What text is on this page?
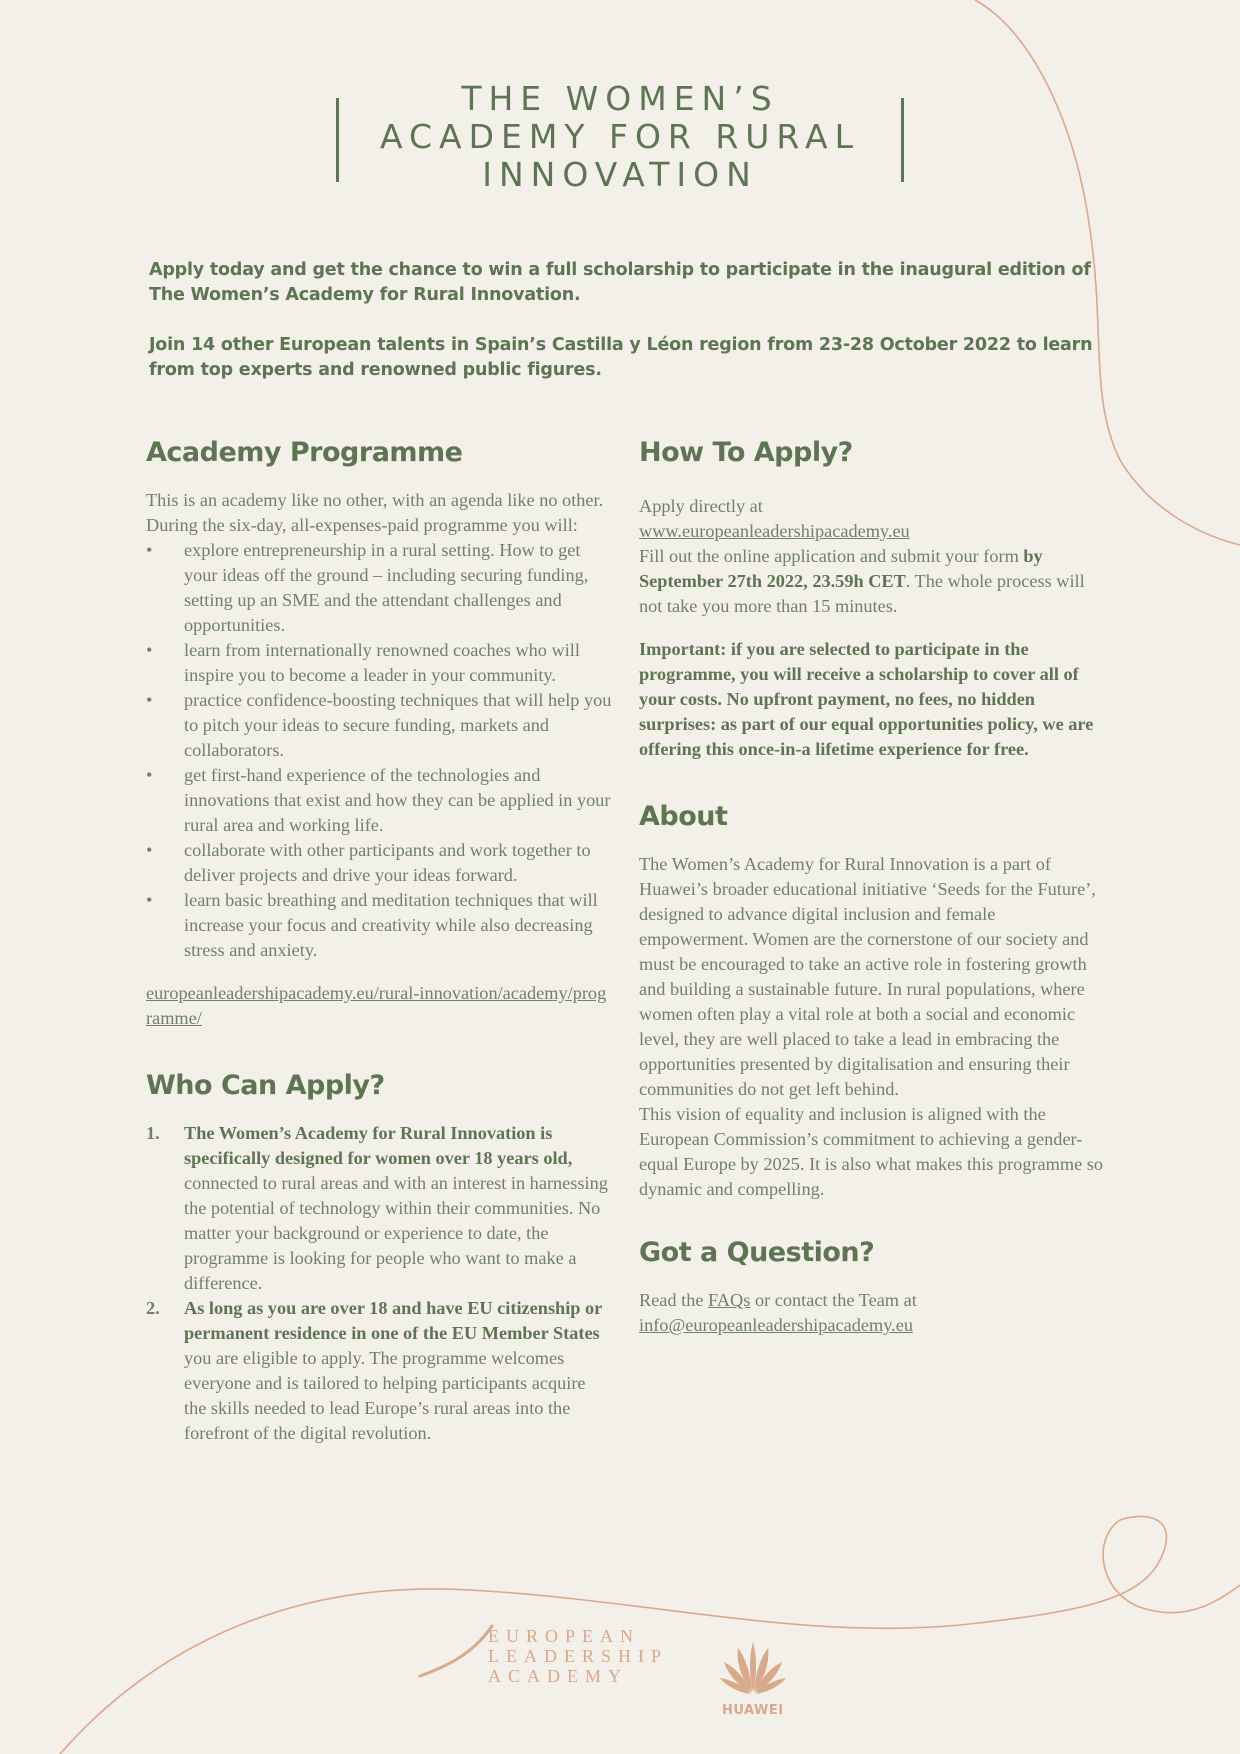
THE WOMEN’S
ACADEMY FOR RURAL
INNOVATION

Apply today and get the chance to win a full scholarship to participate in the inaugural edition of The Women’s Academy for Rural Innovation.

Join 14 other European talents in Spain’s Castilla y Léon region from 23-28 October 2022 to learn from top experts and renowned public figures.

Academy Programme

This is an academy like no other, with an agenda like no other. During the six-day, all-expenses-paid programme you will:

• explore entrepreneurship in a rural setting. How to get your ideas off the ground – including securing funding, setting up an SME and the attendant challenges and opportunities.
• learn from internationally renowned coaches who will inspire you to become a leader in your community.
• practice confidence-boosting techniques that will help you to pitch your ideas to secure funding, markets and collaborators.
• get first-hand experience of the technologies and innovations that exist and how they can be applied in your rural area and working life.
• collaborate with other participants and work together to deliver projects and drive your ideas forward.
• learn basic breathing and meditation techniques that will increase your focus and creativity while also decreasing stress and anxiety.

europeanleadershipacademy.eu/rural-innovation/academy/programme/

Who Can Apply?
1. The Women’s Academy for Rural Innovation is specifically designed for women over 18 years old, connected to rural areas and with an interest in harnessing the potential of technology within their communities. No matter your background or experience to date, the programme is looking for people who want to make a difference.
2. As long as you are over 18 and have EU citizenship or permanent residence in one of the EU Member States you are eligible to apply. The programme welcomes everyone and is tailored to helping participants acquire the skills needed to lead Europe’s rural areas into the forefront of the digital revolution.
How To Apply?

Apply directly at

www.europeanleadershipacademy.eu

Fill out the online application and submit your form by September 27th 2022, 23.59h CET. The whole process will not take you more than 15 minutes.

Important: if you are selected to participate in the programme, you will receive a scholarship to cover all of your costs. No upfront payment, no fees, no hidden surprises: as part of our equal opportunities policy, we are offering this once-in-a lifetime experience for free.

About

The Women’s Academy for Rural Innovation is a part of Huawei’s broader educational initiative ‘Seeds for the Future’, designed to advance digital inclusion and female empowerment. Women are the cornerstone of our society and must be encouraged to take an active role in fostering growth and building a sustainable future. In rural populations, where women often play a vital role at both a social and economic level, they are well placed to take a lead in embracing the opportunities presented by digitalisation and ensuring their communities do not get left behind.

This vision of equality and inclusion is aligned with the European Commission’s commitment to achieving a gender-equal Europe by 2025. It is also what makes this programme so dynamic and compelling.

Got a Question?

Read the FAQs or contact the Team at

info@europeanleadershipacademy.eu

EUROPEAN
LEADERSHIP
ACADEMY

HUAWEI
